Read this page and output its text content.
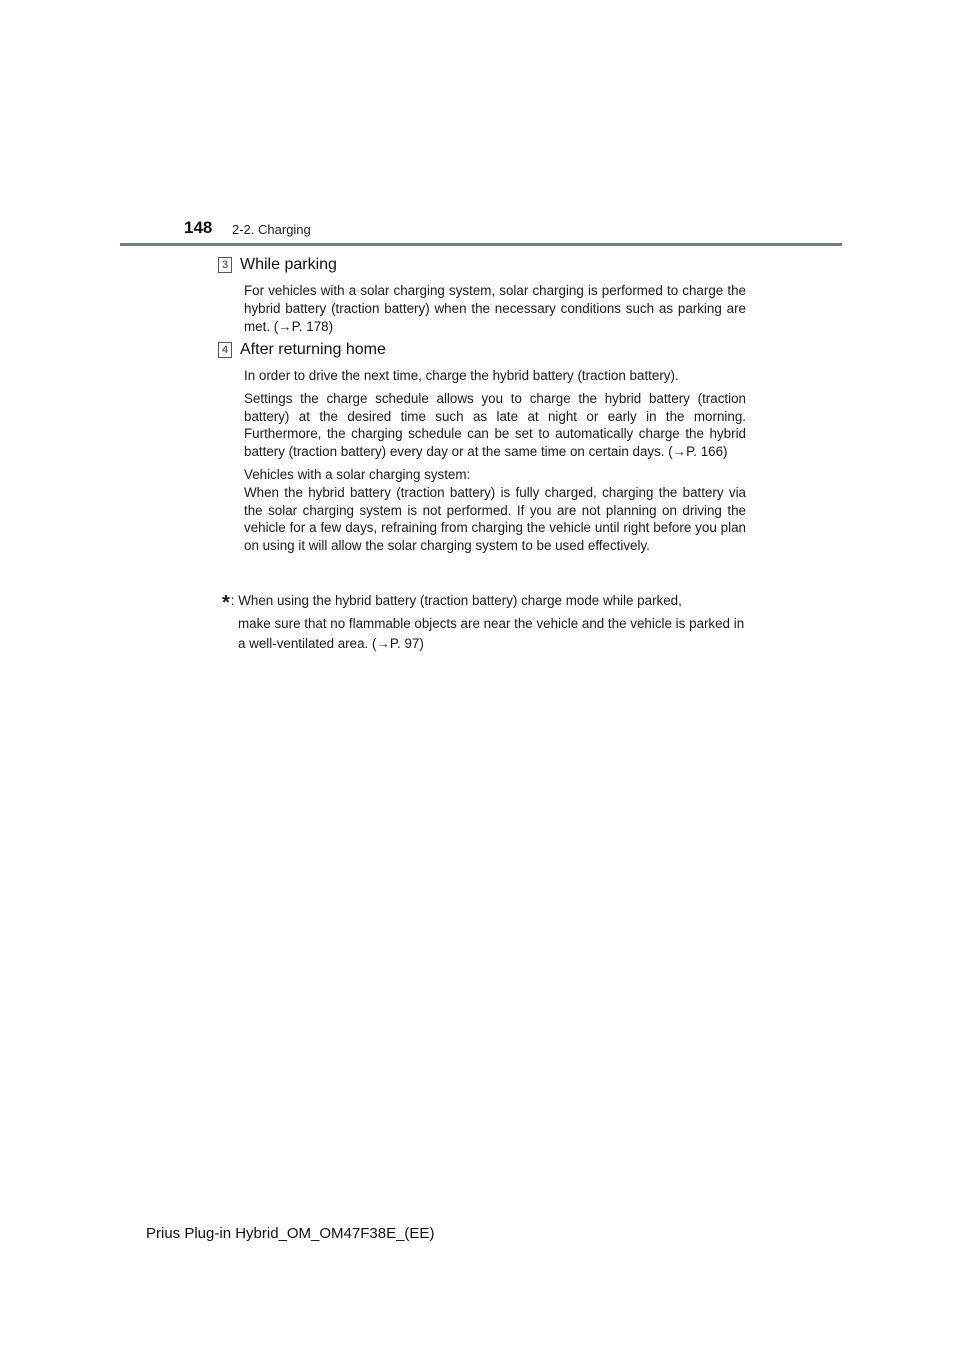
148 2-2. Charging
3 While parking

For vehicles with a solar charging system, solar charging is performed to charge the hybrid battery (traction battery) when the necessary conditions such as parking are met. (→P. 178)

4 After returning home

In order to drive the next time, charge the hybrid battery (traction battery).

Settings the charge schedule allows you to charge the hybrid battery (traction battery) at the desired time such as late at night or early in the morning. Furthermore, the charging schedule can be set to automatically charge the hybrid battery (traction battery) every day or at the same time on certain days. (→P. 166)

Vehicles with a solar charging system:

When the hybrid battery (traction battery) is fully charged, charging the battery via the solar charging system is not performed. If you are not planning on driving the vehicle for a few days, refraining from charging the vehicle until right before you plan on using it will allow the solar charging system to be used effectively.

*: When using the hybrid battery (traction battery) charge mode while parked,
make sure that no flammable objects are near the vehicle and the vehicle is parked in a well-ventilated area. (→P. 97)
Prius Plug-in Hybrid_OM_OM47F38E_(EE)
